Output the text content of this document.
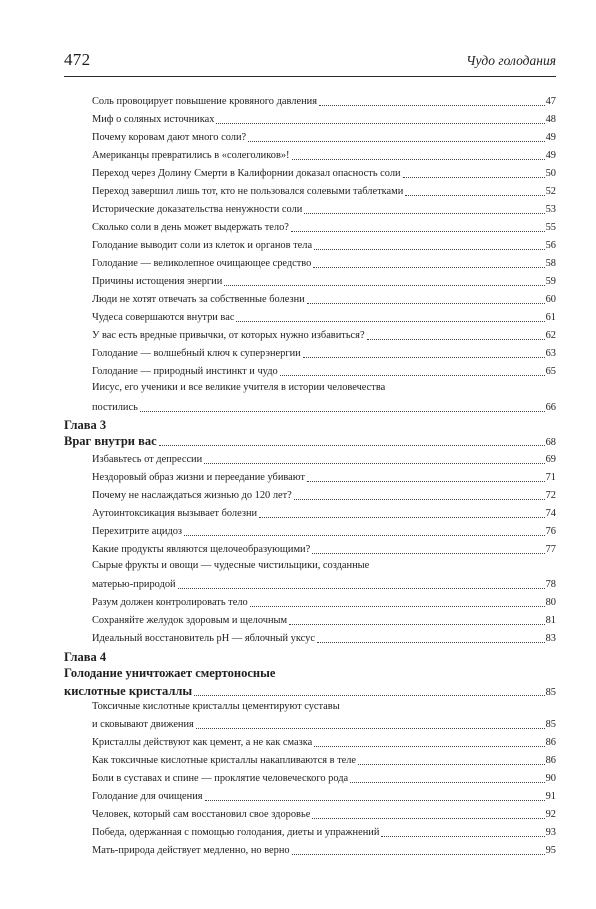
472	Чудо голодания
Соль провоцирует повышение кровяного давления	47
Миф о соляных источниках	48
Почему коровам дают много соли?	49
Американцы превратились в «солеголиков»!	49
Переход через Долину Смерти в Калифорнии доказал опасность соли	50
Переход завершил лишь тот, кто не пользовался солевыми таблетками	52
Исторические доказательства ненужности соли	53
Сколько соли в день может выдержать тело?	55
Голодание выводит соли из клеток и органов тела	56
Голодание — великолепное очищающее средство	58
Причины истощения энергии	59
Люди не хотят отвечать за собственные болезни	60
Чудеса совершаются внутри вас	61
У вас есть вредные привычки, от которых нужно избавиться?	62
Голодание — волшебный ключ к суперэнергии	63
Голодание — природный инстинкт и чудо	65
Иисус, его ученики и все великие учителя в истории человечества
постились	66
Глава 3
Враг внутри вас	68
Избавьтесь от депрессии	69
Нездоровый образ жизни и переедание убивают	71
Почему не наслаждаться жизнью до 120 лет?	72
Аутоинтоксикация вызывает болезни	74
Перехитрите ацидоз	76
Какие продукты являются щелочеобразующими?	77
Сырые фрукты и овощи — чудесные чистильщики, созданные
матерью-природой	78
Разум должен контролировать тело	80
Сохраняйте желудок здоровым и щелочным	81
Идеальный восстановитель pH — яблочный уксус	83
Глава 4
Голодание уничтожает смертоносные
кислотные кристаллы	85
Токсичные кислотные кристаллы цементируют суставы
и сковывают движения	85
Кристаллы действуют как цемент, а не как смазка	86
Как токсичные кислотные кристаллы накапливаются в теле	86
Боли в суставах и спине — проклятие человеческого рода	90
Голодание для очищения	91
Человек, который сам восстановил свое здоровье	92
Победа, одержанная с помощью голодания, диеты и упражнений	93
Мать-природа действует медленно, но верно	95
